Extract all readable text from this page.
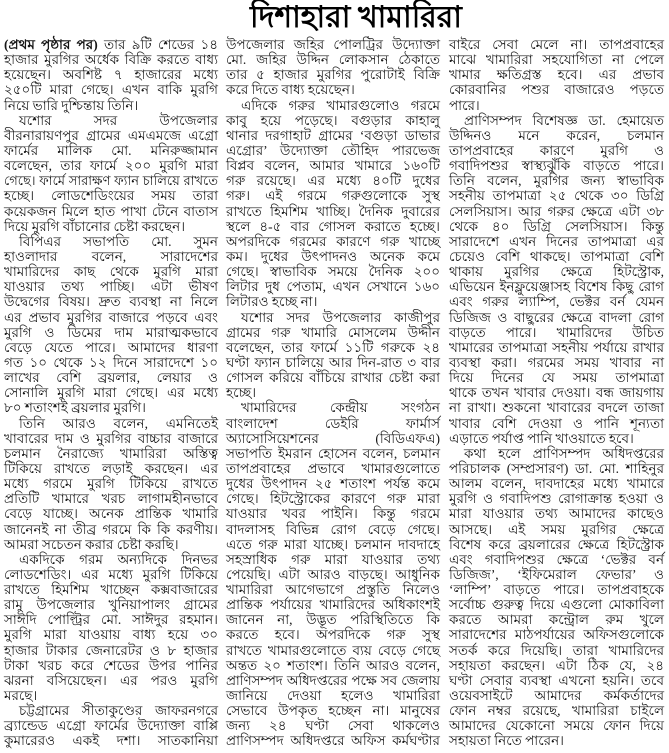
দিশাহারা খামারিরা
(প্রথম পৃষ্ঠার পর) তার ৯টি শেডের ১৪
হাজার মুরগির অর্ধেক বিক্রি করতে বাধ্য
হয়েছেন। অবশিষ্ট ৭ হাজারের মধ্যে
২৫০টি মারা গেছে। এখন বাকি মুরগি
নিয়ে ভারি দুশ্চিন্তায় তিনি।
যশোর সদর উপজেলার
বীরনারায়ণপুর গ্রামের এমএমজে এগ্রো
ফার্মের মালিক মো. মনিরুজ্জামান
বলেছেন, তার ফার্মে ২০০ মুরগি মারা
গেছে। ফার্মে সারাক্ষণ ফ্যান চালিয়ে রাখতে
হচ্ছে। লোডশেডিংয়ের সময় তারা
কয়েকজন মিলে হাত পাখা টেনে বাতাস
দিয়ে মুরগি বাঁচানোর চেষ্টা করছেন।
বিপিএর সভাপতি মো. সুমন
হাওলাদার বলেন, সারাদেশের
খামারিদের কাছ থেকে মুরগি মারা
যাওয়ার তথ্য পাচ্ছি। এটা ভীষণ
উদ্বেগের বিষয়। দ্রুত ব্যবস্থা না নিলে
এর প্রভাব মুরগির বাজারে পড়বে এবং
মুরগি ও ডিমের দাম মারাত্মকভাবে
বেড়ে যেতে পারে। আমাদের ধারণা
গত ১০ থেকে ১২ দিনে সারাদেশে ১০
লাখের বেশি ব্রয়লার, লেয়ার ও
সোনালি মুরগি মারা গেছে। এর মধ্যে
৮০ শতাংশই ব্রয়লার মুরগি।
তিনি আরও বলেন, এমনিতেই
খাবারের দাম ও মুরগির বাচ্চার বাজারে
চলমান নৈরাজ্যে খামারিরা অস্তিত্ব
টিকিয়ে রাখতে লড়াই করছেন। এর
মধ্যে গরমে মুরগি টিকিয়ে রাখতে
প্রতিটি খামারে খরচ লাগামহীনভাবে
বেড়ে যাচ্ছে। অনেক প্রান্তিক খামারি
জানেনই না তীব্র গরমে কি কি করণীয়।
আমরা সচেতন করার চেষ্টা করছি।
একদিকে গরম অন্যদিকে দিনভর
লোডশেডিং। এর মধ্যে মুরগি টিকিয়ে
রাখতে হিমশিম খাচ্ছেন কক্সবাজারের
রামু উপজেলার খুনিয়াপালং গ্রামের
সাঈদি পোল্ট্রির মো. সাঈদুর রহমান।
মুরগি মারা যাওয়ায় বাধ্য হয়ে ৩০
হাজার টাকার জেনারেটর ও ৮ হাজার
টাকা খরচ করে শেডের উপর পানির
ঝরনা বসিয়েছেন। এর পরও মুরগি
মরছে।
চট্টগ্রামের সীতাকুণ্ডের জাফরনগরে
ব্র্যান্ডেড এগ্রো ফার্মের উদ্যোক্তা বাপ্পি
কুমারেরও একই দশা। সাতকানিয়া
উপজেলার জহির পোলট্রির উদ্যোক্তা
মো. জহির উদ্দিন লোকসান ঠেকাতে
তার ৫ হাজার মুরগির পুরোটাই বিক্রি
করে দিতে বাধ্য হয়েছেন।
এদিকে গরুর খামারগুলোও গরমে
কাবু হয়ে পড়েছে। বগুড়ার কাহালু
থানার দরগাহাট গ্রামের ‘বগুড়া ডাভার
এগ্রোর’ উদ্যোক্তা তৌহিদ পারভেজ
বিপ্লব বলেন, আমার খামারে ১৬০টি
গরু রয়েছে। এর মধ্যে ৪০টি দুধের
গরু। এই গরমে গরুগুলোকে সুস্থ
রাখতে হিমশিম খাচ্ছি। দৈনিক দুবারের
স্থলে ৪-৫ বার গোসল করাতে হচ্ছে।
অপরদিকে গরমের কারণে গরু খাচ্ছে
কম। দুধের উৎপাদনও অনেক কমে
গেছে। স্বাভাবিক সময়ে দৈনিক ২০০
লিটার দুধ পেতাম, এখন সেখানে ১৬০
লিটারও হচ্ছে না।
যশোর সদর উপজেলার কাজীপুর
গ্রামের গরু খামারি মোসলেম উদ্দীন
বলেছেন, তার ফার্মে ১১টি গরুকে ২৪
ঘণ্টা ফ্যান চালিয়ে আর দিন-রাত ৩ বার
গোসল করিয়ে বাঁচিয়ে রাখার চেষ্টা করা
হচ্ছে।
খামারিদের কেন্দ্রীয় সংগঠন
বাংলাদেশ ডেইরি ফার্মার্স
অ্যাসোসিয়েশনের (বিডিএফএ)
সভাপতি ইমরান হোসেন বলেন, চলমান
তাপপ্রবাহের প্রভাবে খামারগুলোতে
দুধের উৎপাদন ২৫ শতাংশ পর্যন্ত কমে
গেছে। হিটস্ট্রোকের কারণে গরু মারা
যাওয়ার খবর পাইনি। কিন্তু গরমে
বাদলাসহ বিভিন্ন রোগ বেড়ে গেছে।
এতে গরু মারা যাচ্ছে। চলমান দাবদাহে
সহস্রাধিক গরু মারা যাওয়ার তথ্য
পেয়েছি। এটা আরও বাড়ছে। আধুনিক
খামারিরা আগেভাগে প্রস্তুতি নিলেও
প্রান্তিক পর্যায়ের খামারিদের অধিকাংশই
জানেন না, উদ্ভূত পরিস্থিতিতে কি
করতে হবে। অপরদিকে গরু সুস্থ
রাখতে খামারগুলোতে ব্যয় বেড়ে গেছে
অন্তত ২০ শতাংশ। তিনি আরও বলেন,
প্রাণিসম্পদ অধিদপ্তরের পক্ষে সব জেলায়
জানিয়ে দেওয়া হলেও খামারিরা
সেভাবে উপকৃত হচ্ছেন না। মানুষের
জন্য ২৪ ঘণ্টা সেবা থাকলেও
প্রাণিসম্পদ অধিদপ্তরে অফিস কর্মঘণ্টার
বাইরে সেবা মেলে না। তাপপ্রবাহের
মাঝে খামারিরা সহযোগিতা না পেলে
খামার ক্ষতিগ্রস্ত হবে। এর প্রভাব
কোরবানির পশুর বাজারেও পড়তে
পারে।
প্রাণিসম্পদ বিশেষজ্ঞ ডা. হেমায়েত
উদ্দিনও মনে করেন, চলমান
তাপপ্রবাহের কারণে মুরগি ও
গবাদিপশুর স্বাস্থ্যঝুঁকি বাড়তে পারে।
তিনি বলেন, মুরগির জন্য স্বাভাবিক
সহনীয় তাপমাত্রা ২৫ থেকে ৩০ ডিগ্রি
সেলসিয়াস। আর গরুর ক্ষেত্রে এটা ৩৮
থেকে ৪০ ডিগ্রি সেলসিয়াস। কিন্তু
সারাদেশে এখন দিনের তাপমাত্রা এর
চেয়েও বেশি থাকছে। তাপমাত্রা বেশি
থাকায় মুরগির ক্ষেত্রে হিটস্ট্রোক,
এভিয়েন ইনফ্লুয়েঞ্জাসহ বিশেষ কিছু রোগ
এবং গরুর ল্যাম্পি, ভেক্টর বর্ন যেমন
ডিজিজ ও বাছুরের ক্ষেত্রে বাদলা রোগ
বাড়তে পারে। খামারিদের উচিত
খামারের তাপমাত্রা সহনীয় পর্যায়ে রাখার
ব্যবস্থা করা। গরমের সময় খাবার না
দিয়ে দিনের যে সময় তাপমাত্রা
থাকে তখন খাবার দেওয়া। বন্ধ জায়গায়
না রাখা। শুকনো খাবারের বদলে তাজা
খাবার বেশি দেওয়া ও পানি শূন্যতা
এড়াতে পর্যাপ্ত পানি খাওয়াতে হবে।
কথা হলে প্রাণিসম্পদ অধিদপ্তরের
পরিচালক (সম্প্রসারণ) ডা. মো. শাহিনুর
আলম বলেন, দাবদাহের মধ্যে খামারে
মুরগি ও গবাদিপশু রোগাক্রান্ত হওয়া ও
মারা যাওয়ার তথ্য আমাদের কাছেও
আসছে। এই সময় মুরগির ক্ষেত্রে
বিশেষ করে ব্রয়লারের ক্ষেত্রে হিটস্ট্রোক
এবং গবাদিপশুর ক্ষেত্রে ‘ভেক্টর বর্ন
ডিজিজ’, ‘ইফিমেরাল ফেভার’ ও
‘লাম্পি’ বাড়তে পারে। তাপপ্রবাহকে
সর্বোচ্চ গুরুত্ব দিয়ে এগুলো মোকাবিলা
করতে আমরা কন্ট্রোল রুম খুলে
সারাদেশের মাঠপর্যায়ের অফিসগুলোকে
সতর্ক করে দিয়েছি। তারা খামারিদের
সহায়তা করছেন। এটা ঠিক যে, ২৪
ঘণ্টা সেবার ব্যবস্থা এখনো হয়নি। তবে
ওয়েবসাইটে আমাদের কর্মকর্তাদের
ফোন নম্বর রয়েছে, খামারিরা চাইলে
আমাদের যেকোনো সময়ে ফোন দিয়ে
সহায়তা নিতে পারেন।
